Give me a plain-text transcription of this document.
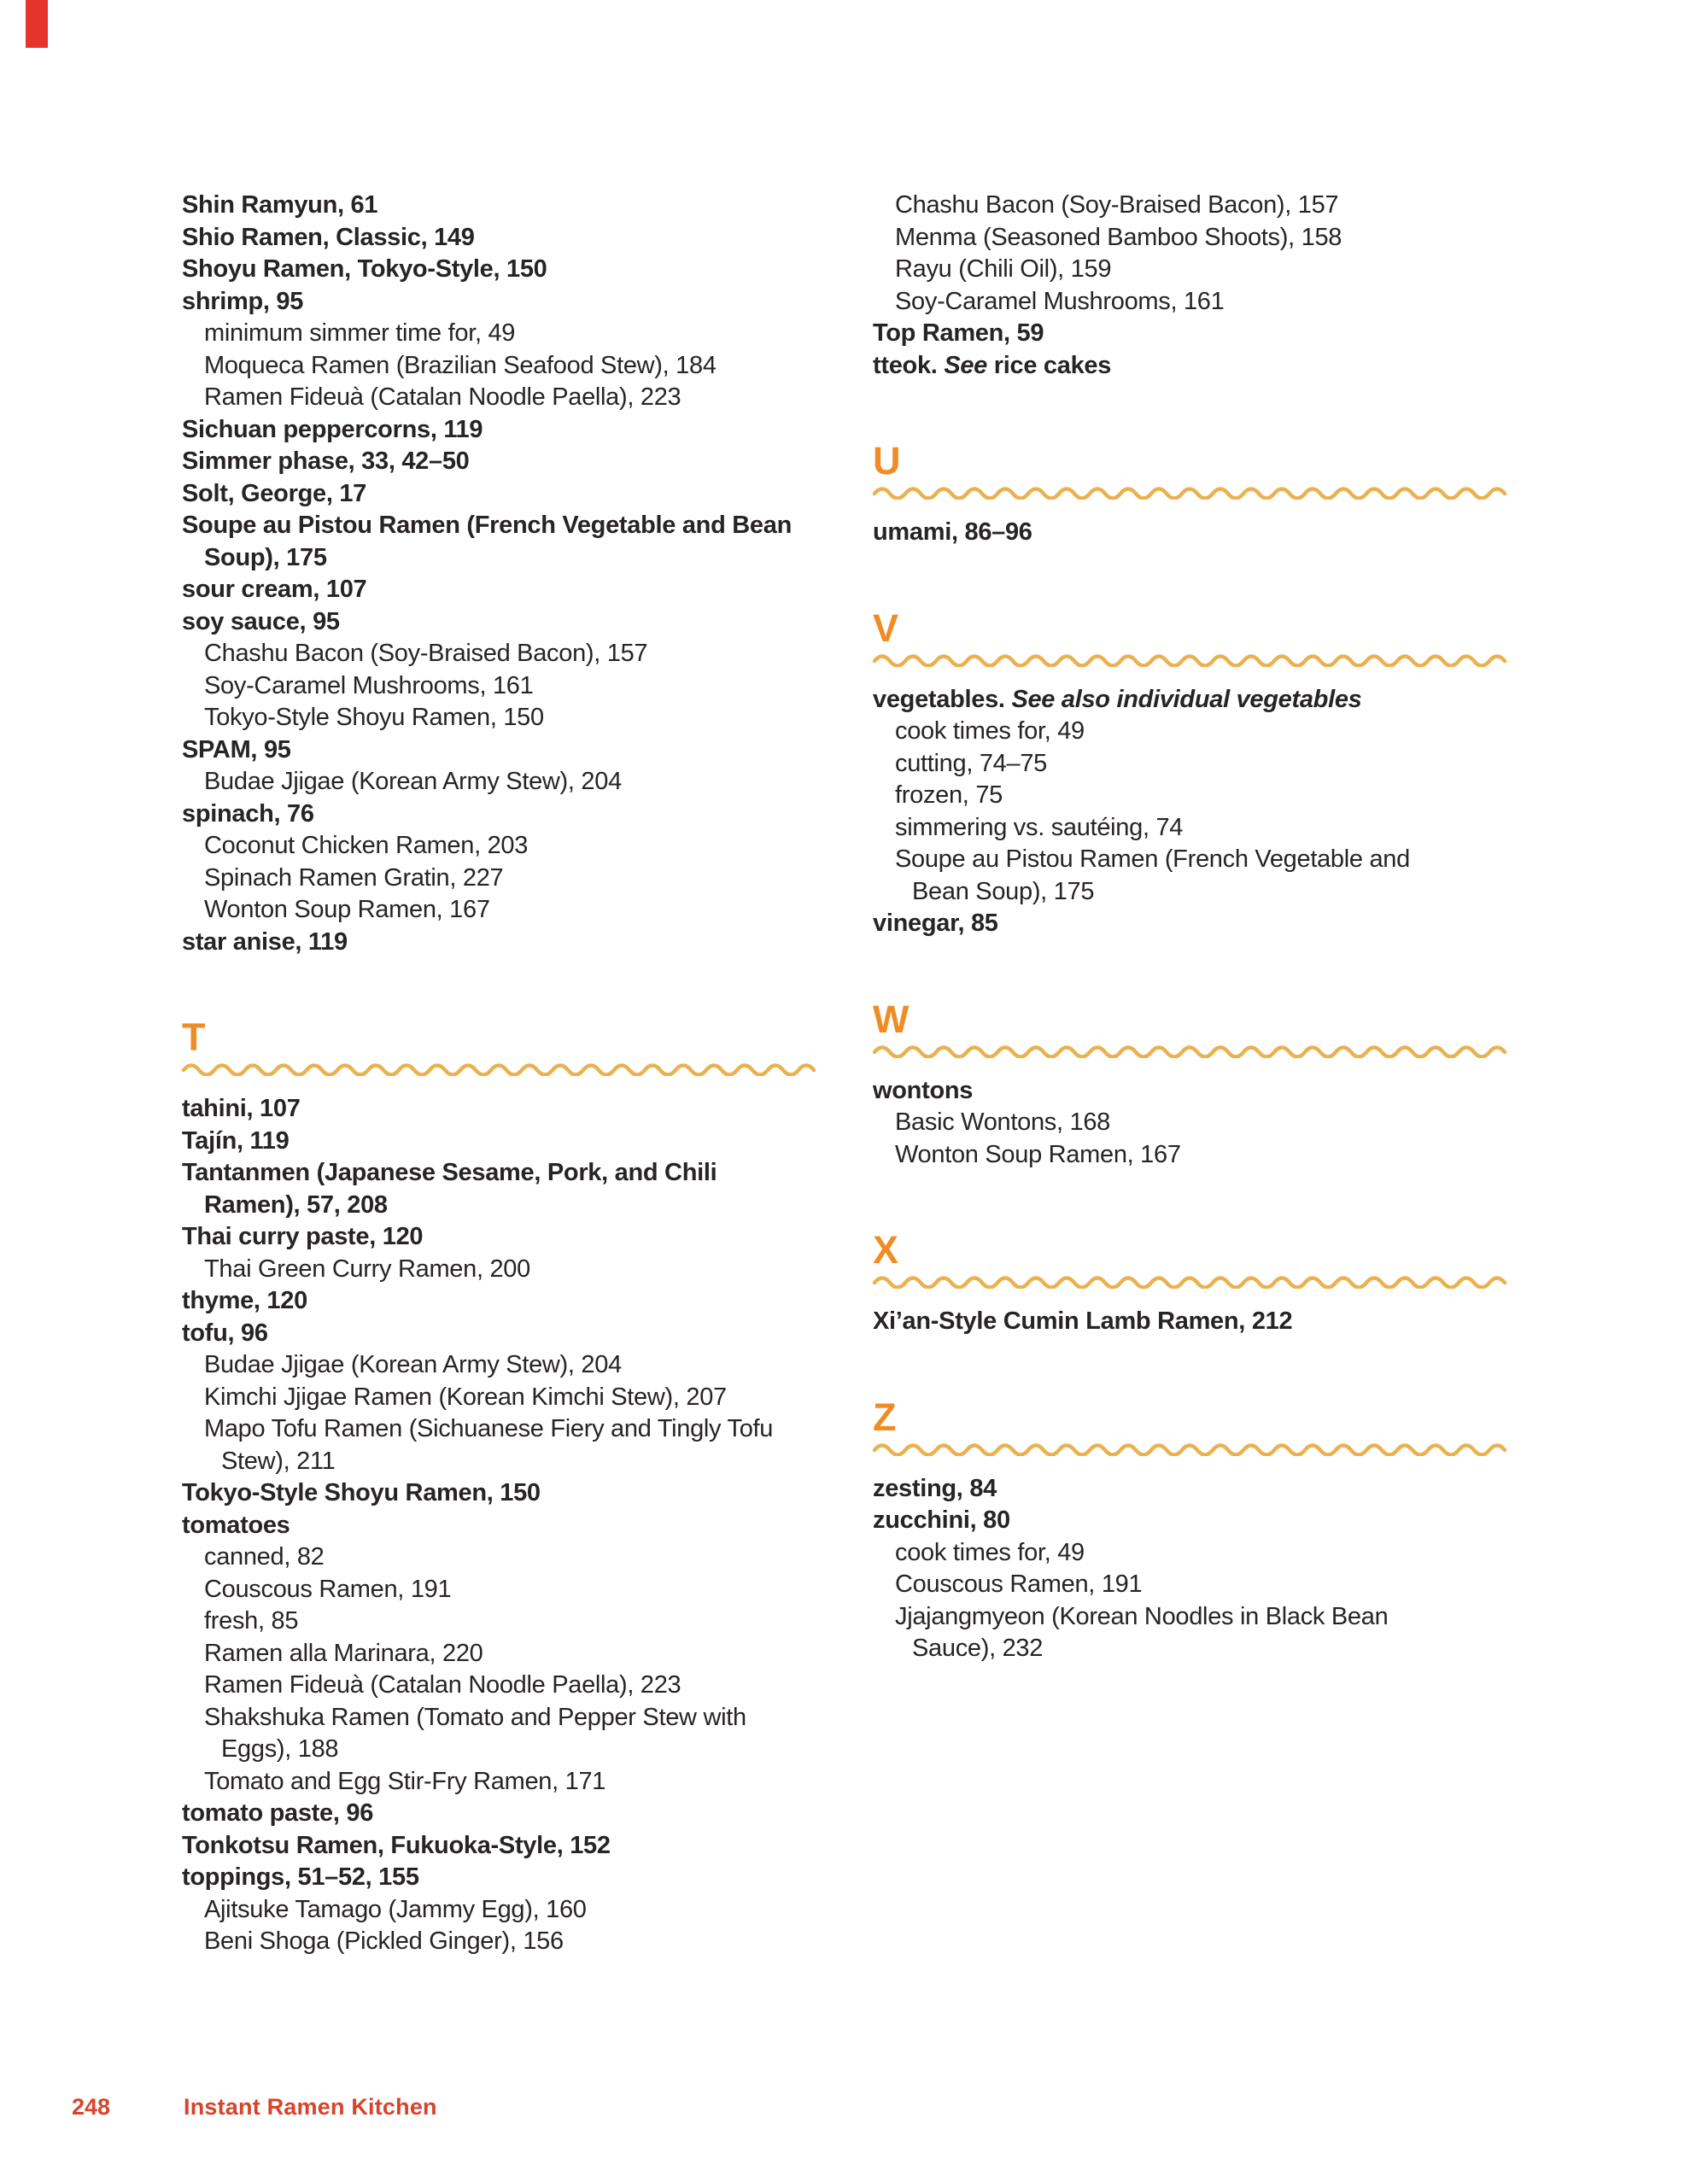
Shin Ramyun, 61
Shio Ramen, Classic, 149
Shoyu Ramen, Tokyo-Style, 150
shrimp, 95
minimum simmer time for, 49
Moqueca Ramen (Brazilian Seafood Stew), 184
Ramen Fideuà (Catalan Noodle Paella), 223
Sichuan peppercorns, 119
Simmer phase, 33, 42–50
Solt, George, 17
Soupe au Pistou Ramen (French Vegetable and Bean
Soup), 175
sour cream, 107
soy sauce, 95
Chashu Bacon (Soy-Braised Bacon), 157
Soy-Caramel Mushrooms, 161
Tokyo-Style Shoyu Ramen, 150
SPAM, 95
Budae Jjigae (Korean Army Stew), 204
spinach, 76
Coconut Chicken Ramen, 203
Spinach Ramen Gratin, 227
Wonton Soup Ramen, 167
star anise, 119
T
tahini, 107
Tajín, 119
Tantanmen (Japanese Sesame, Pork, and Chili
Ramen), 57, 208
Thai curry paste, 120
Thai Green Curry Ramen, 200
thyme, 120
tofu, 96
Budae Jjigae (Korean Army Stew), 204
Kimchi Jjigae Ramen (Korean Kimchi Stew), 207
Mapo Tofu Ramen (Sichuanese Fiery and Tingly Tofu
Stew), 211
Tokyo-Style Shoyu Ramen, 150
tomatoes
canned, 82
Couscous Ramen, 191
fresh, 85
Ramen alla Marinara, 220
Ramen Fideuà (Catalan Noodle Paella), 223
Shakshuka Ramen (Tomato and Pepper Stew with
Eggs), 188
Tomato and Egg Stir-Fry Ramen, 171
tomato paste, 96
Tonkotsu Ramen, Fukuoka-Style, 152
toppings, 51–52, 155
Ajitsuke Tamago (Jammy Egg), 160
Beni Shoga (Pickled Ginger), 156
Chashu Bacon (Soy-Braised Bacon), 157
Menma (Seasoned Bamboo Shoots), 158
Rayu (Chili Oil), 159
Soy-Caramel Mushrooms, 161
Top Ramen, 59
tteok. See rice cakes
U
umami, 86–96
V
vegetables. See also individual vegetables
cook times for, 49
cutting, 74–75
frozen, 75
simmering vs. sautéing, 74
Soupe au Pistou Ramen (French Vegetable and
Bean Soup), 175
vinegar, 85
W
wontons
Basic Wontons, 168
Wonton Soup Ramen, 167
X
Xi’an-Style Cumin Lamb Ramen, 212
Z
zesting, 84
zucchini, 80
cook times for, 49
Couscous Ramen, 191
Jjajangmyeon (Korean Noodles in Black Bean
Sauce), 232
248	Instant Ramen Kitchen
